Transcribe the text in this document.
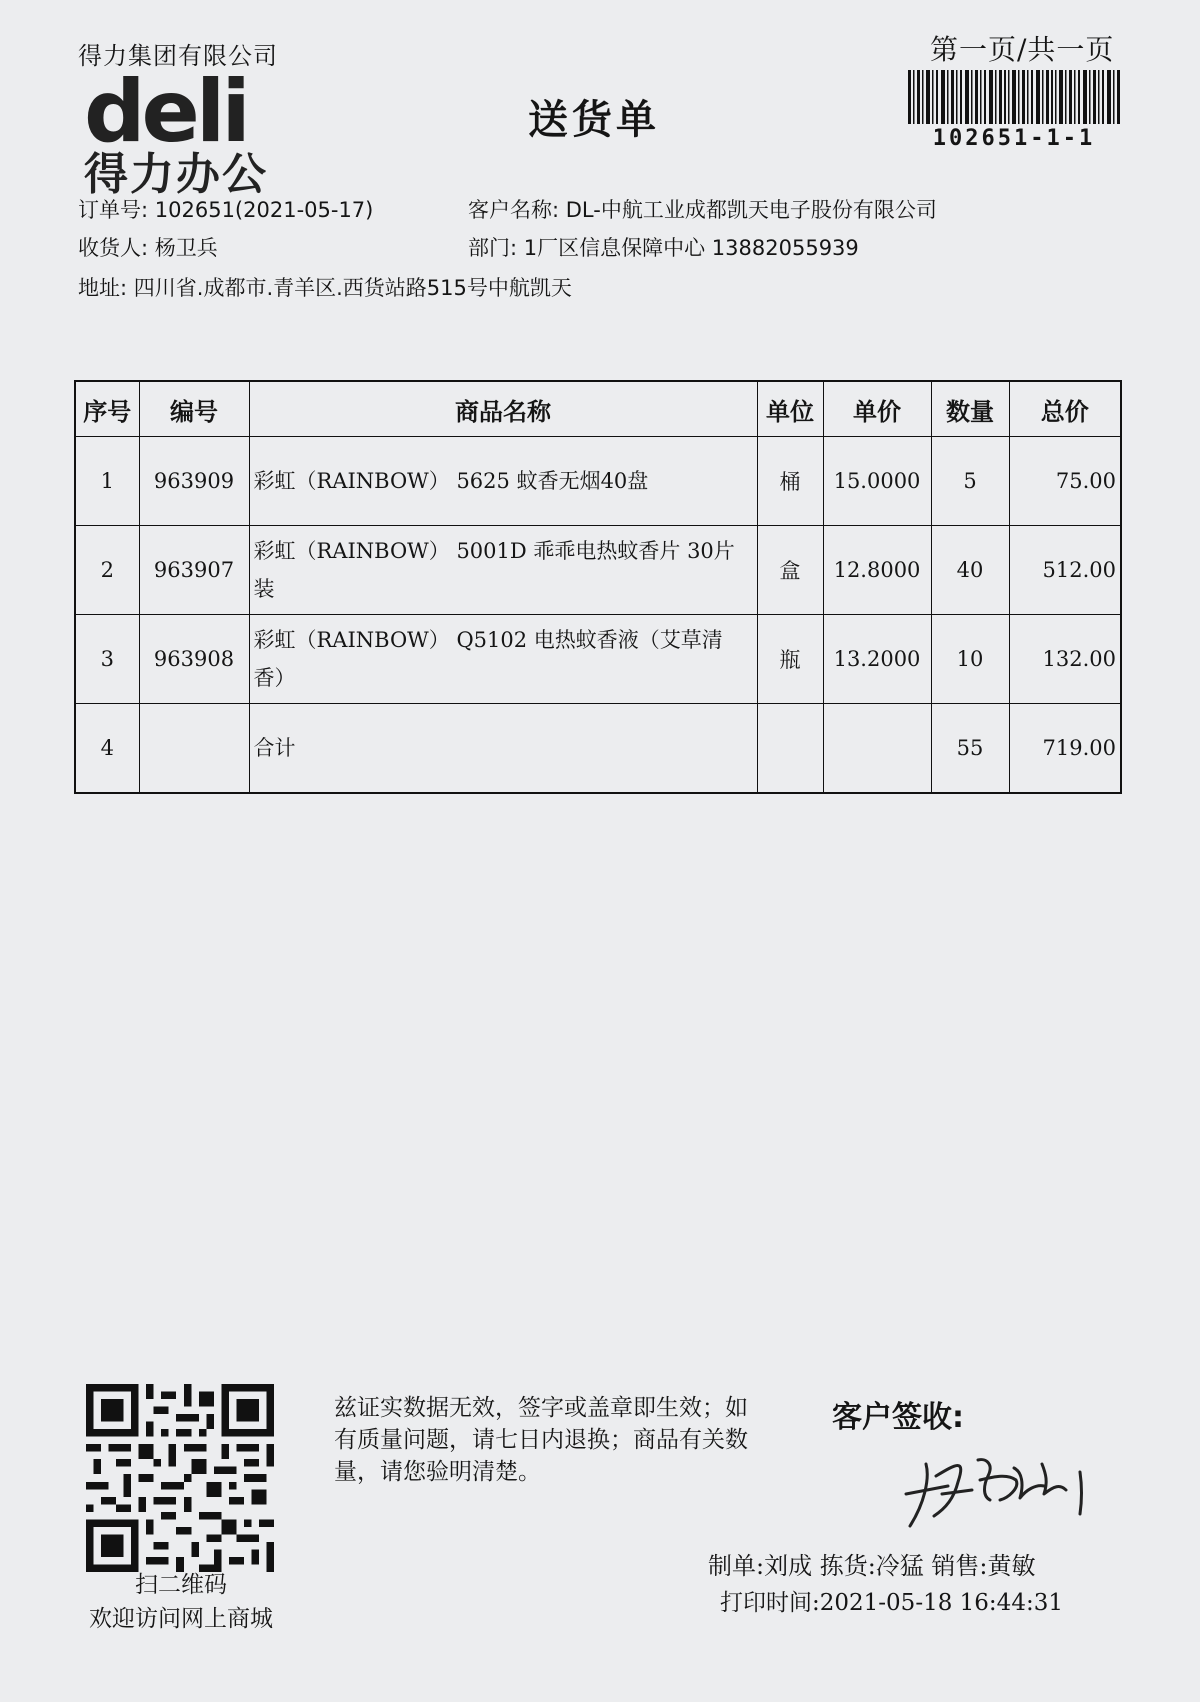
得力集团有限公司
deli
得力办公
送货单
第一页/共一页
102651-1-1
订单号: 102651(2021-05-17)	客户名称: DL-中航工业成都凯天电子股份有限公司
收货人: 杨卫兵	部门: 1厂区信息保障中心 13882055939
地址: 四川省.成都市.青羊区.西货站路515号中航凯天
序号	编号	商品名称	单位	单价	数量	总价
1	963909	彩虹（RAINBOW） 5625 蚊香无烟40盘	桶	15.0000	5	75.00
2	963907	彩虹（RAINBOW） 5001D 乖乖电热蚊香片 30片装	盒	12.8000	40	512.00
3	963908	彩虹（RAINBOW） Q5102 电热蚊香液（艾草清香）	瓶	13.2000	10	132.00
4		合计			55	719.00
扫二维码
欢迎访问网上商城
兹证实数据无效，签字或盖章即生效；如有质量问题，请七日内退换；商品有关数量，请您验明清楚。
客户签收:
制单:刘成 拣货:冷猛 销售:黄敏
打印时间:2021-05-18 16:44:31
